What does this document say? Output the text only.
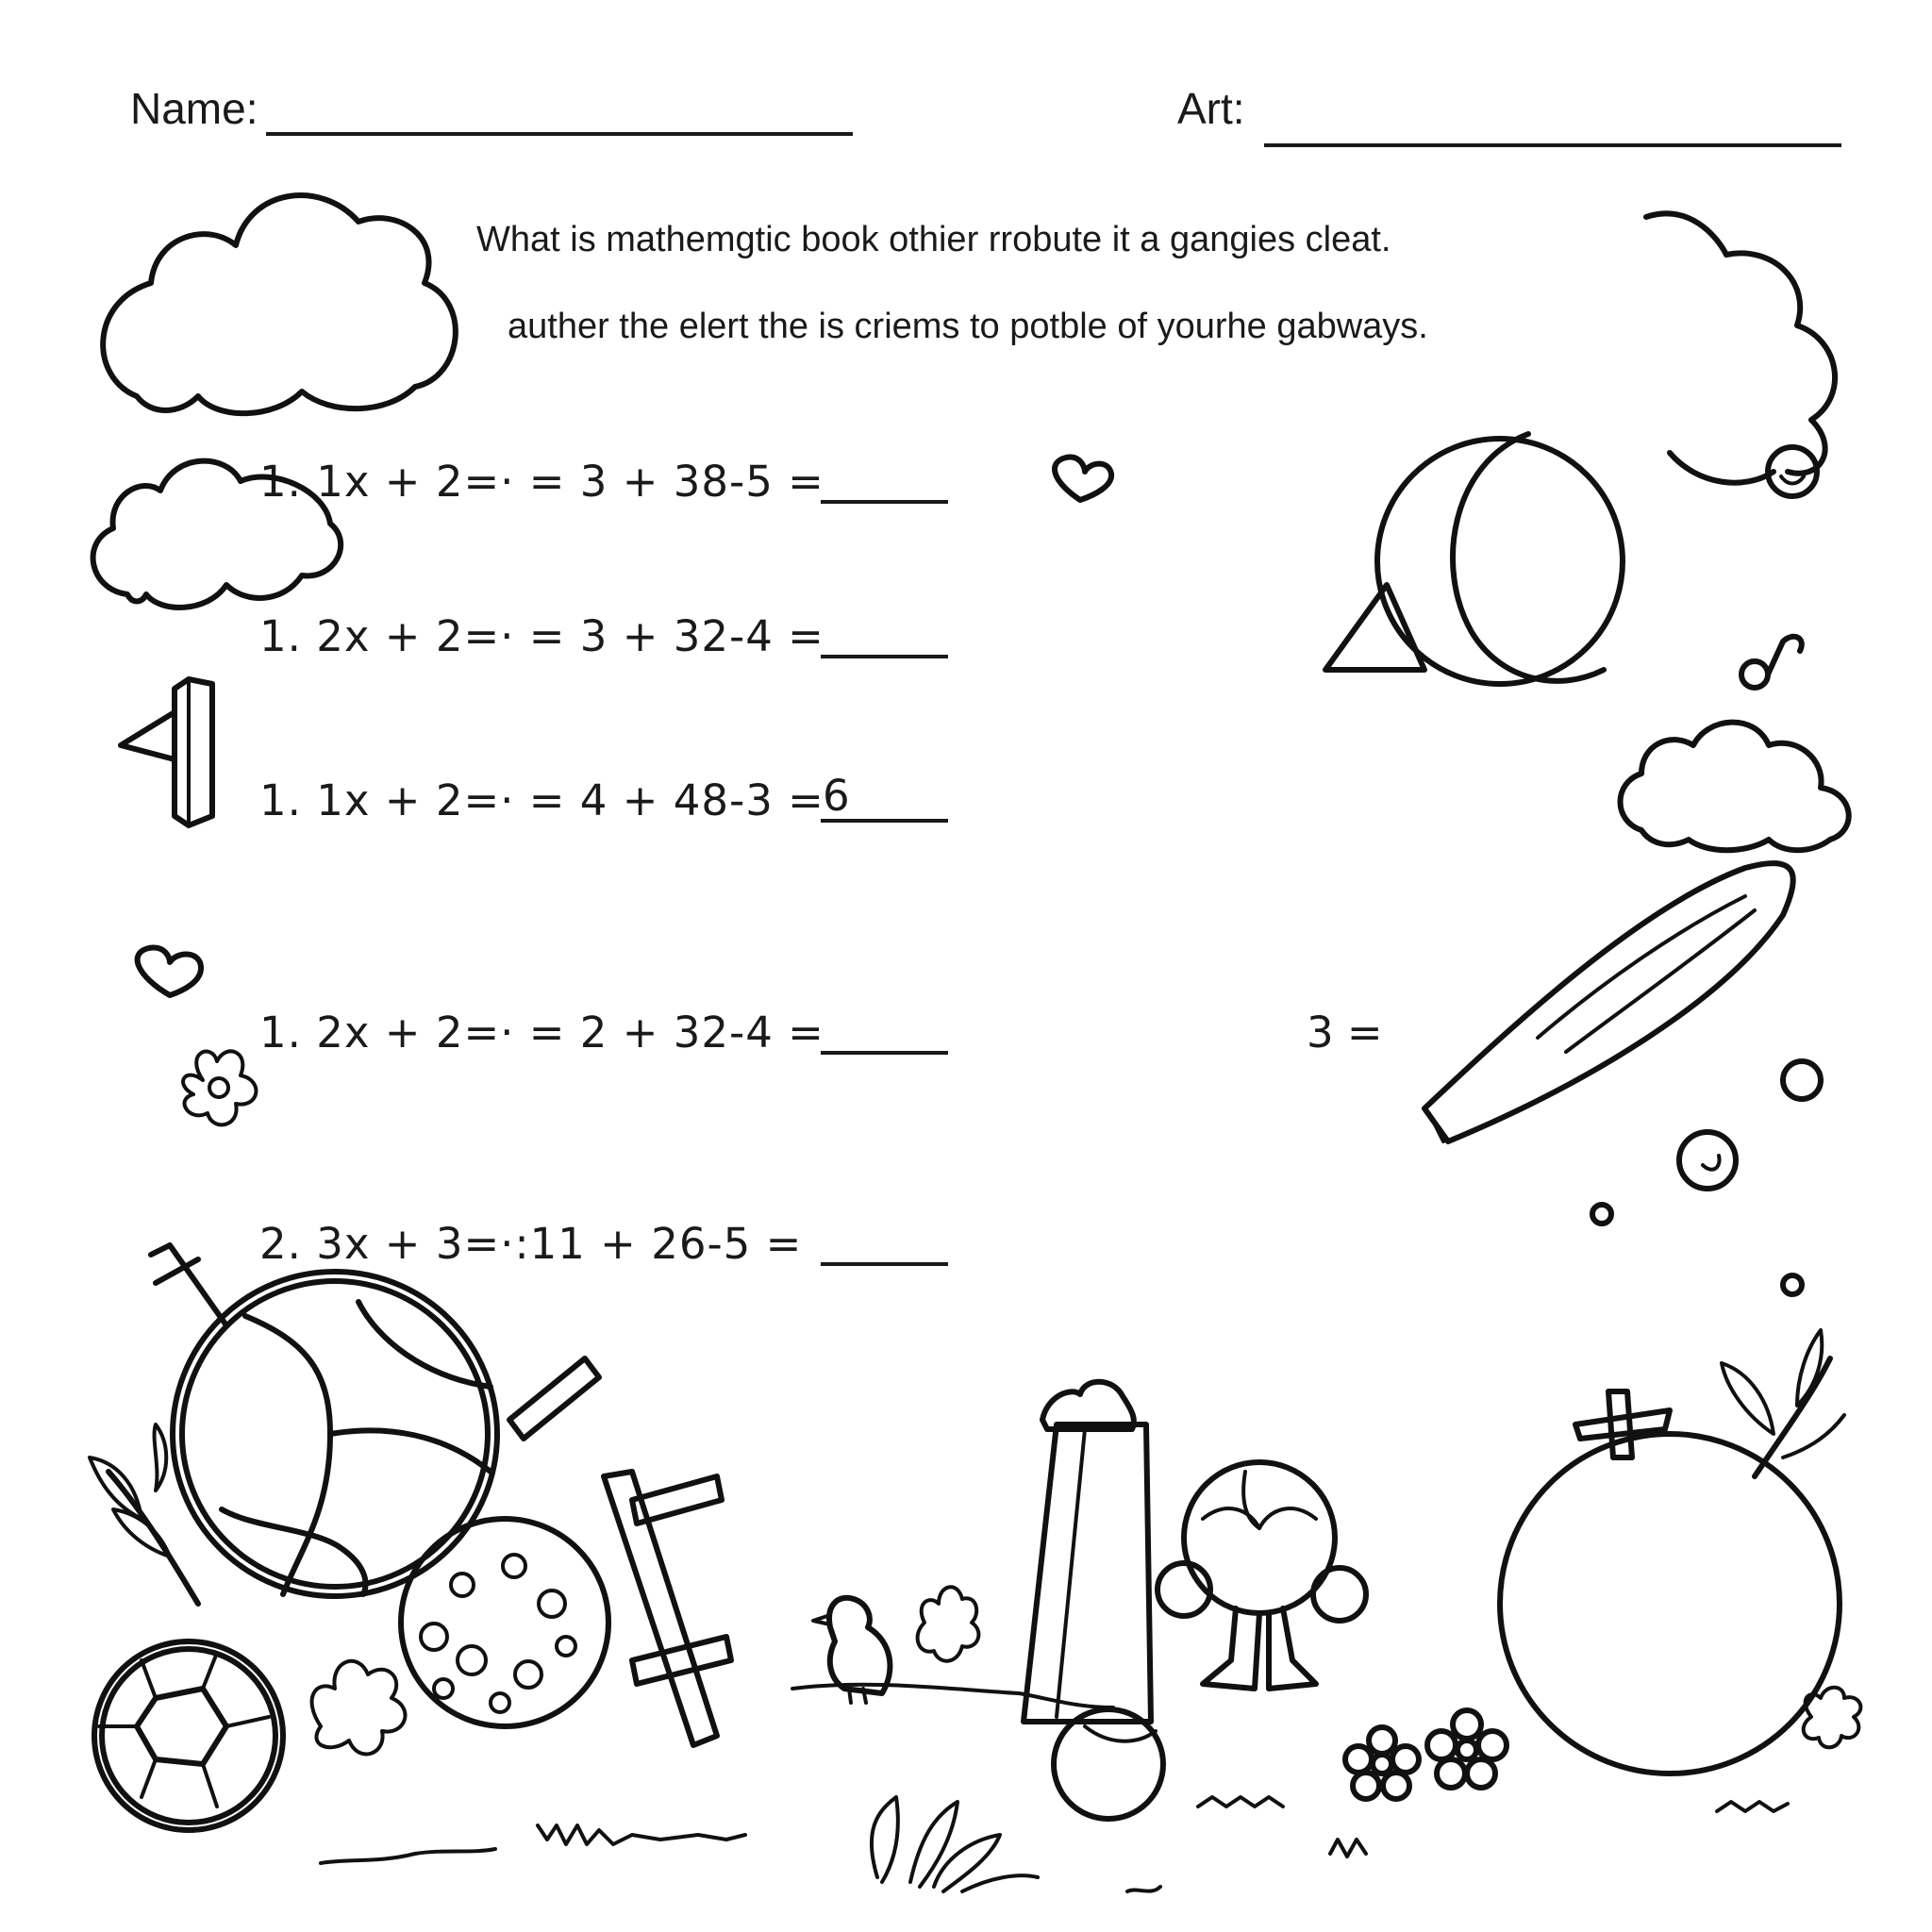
Name:	Art:
What is mathemgtic book othier rrobute it a gangies cleat.
auther the elert the is criems to potble of yourhe gabways.
1. 1x + 2=· = 3 + 38-5 =
1. 2x + 2=· = 3 + 32-4 =
1. 1x + 2=· = 4 + 48-3 =
6
1. 2x + 2=· = 2 + 32-4 =
2. 3x + 3=·:11 + 26-5 =
3 =
